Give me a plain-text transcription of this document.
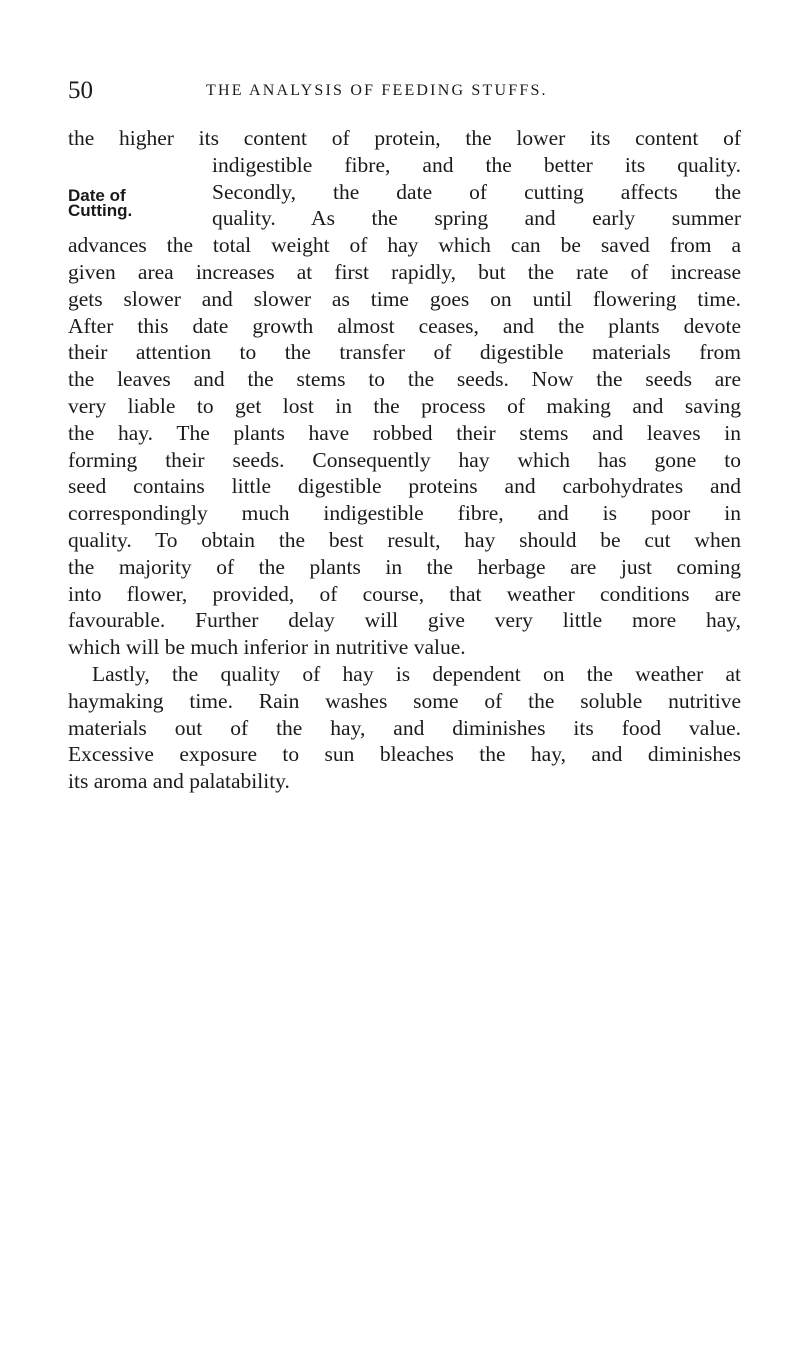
50	THE ANALYSIS OF FEEDING STUFFS.
Date of
Cutting.
the higher its content of protein, the lower its content of
indigestible fibre, and the better its quality.
Secondly, the date of cutting affects the
quality. As the spring and early summer
advances the total weight of hay which can be saved from a
given area increases at first rapidly, but the rate of increase
gets slower and slower as time goes on until flowering time.
After this date growth almost ceases, and the plants devote
their attention to the transfer of digestible materials from
the leaves and the stems to the seeds. Now the seeds are
very liable to get lost in the process of making and saving
the hay. The plants have robbed their stems and leaves in
forming their seeds. Consequently hay which has gone to
seed contains little digestible proteins and carbohydrates and
correspondingly much indigestible fibre, and is poor in
quality. To obtain the best result, hay should be cut when
the majority of the plants in the herbage are just coming
into flower, provided, of course, that weather conditions are
favourable. Further delay will give very little more hay,
which will be much inferior in nutritive value.
Lastly, the quality of hay is dependent on the weather at
haymaking time. Rain washes some of the soluble nutritive
materials out of the hay, and diminishes its food value.
Excessive exposure to sun bleaches the hay, and diminishes
its aroma and palatability.
